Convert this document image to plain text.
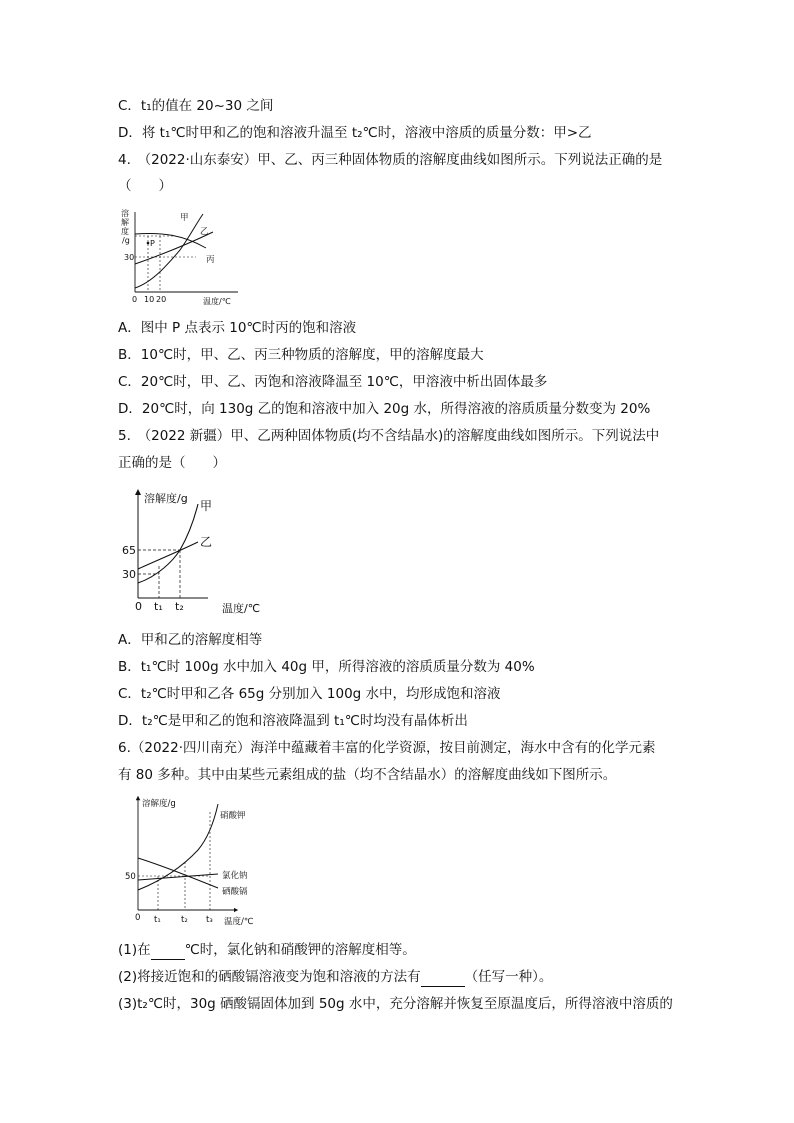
C．t₁的值在 20~30 之间
D．将 t₁℃时甲和乙的饱和溶液升温至 t₂℃时，溶液中溶质的质量分数：甲>乙
4.　（2022·山东泰安）甲、乙、丙三种固体物质的溶解度曲线如图所示。下列说法正确的是
（　　）
溶解度/g	P
30
0 10 20	温度/℃
甲
乙
丙
A．图中 P 点表示 10℃时丙的饱和溶液
B．10℃时，甲、乙、丙三种物质的溶解度，甲的溶解度最大
C．20℃时，甲、乙、丙饱和溶液降温至 10℃，甲溶液中析出固体最多
D．20℃时，向 130g 乙的饱和溶液中加入 20g 水，所得溶液的溶质质量分数变为 20%
5.　（2022 新疆）甲、乙两种固体物质(均不含结晶水)的溶解度曲线如图所示。下列说法中
正确的是（　　）
溶解度/g
甲
乙
65
30
0 t₁ t₂	温度/℃
A．甲和乙的溶解度相等
B．t₁℃时 100g 水中加入 40g 甲，所得溶液的溶质质量分数为 40%
C．t₂℃时甲和乙各 65g 分别加入 100g 水中，均形成饱和溶液
D．t₂℃是甲和乙的饱和溶液降温到 t₁℃时均没有晶体析出
6.（2022·四川南充）海洋中蕴藏着丰富的化学资源，按目前测定，海水中含有的化学元素
有 80 多种。其中由某些元素组成的盐（均不含结晶水）的溶解度曲线如下图所示。
溶解度/g
硝酸钾
氯化钠
硒酸镉
50
0 t₁ t₂ t₃ 温度/℃
(1)在	℃时，氯化钠和硝酸钾的溶解度相等。
(2)将接近饱和的硒酸镉溶液变为饱和溶液的方法有	（任写一种）。
(3)t₂℃时，30g 硒酸镉固体加到 50g 水中，充分溶解并恢复至原温度后，所得溶液中溶质的
